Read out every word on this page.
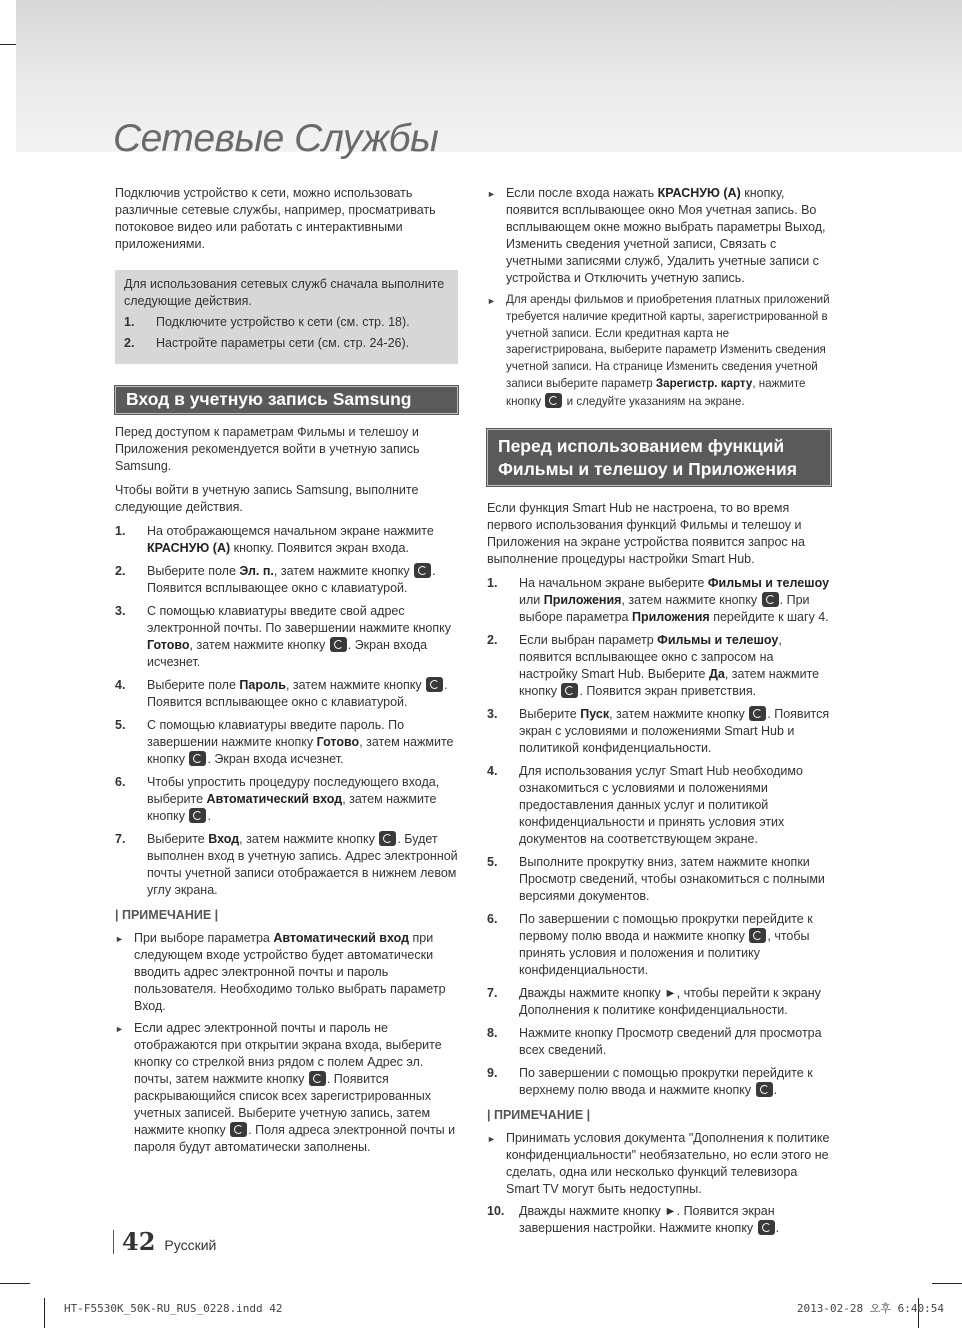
Сетевые Службы

Подключив устройство к сети, можно использовать различные сетевые службы, например, просматривать потоковое видео или работать с интерактивными приложениями.

Для использования сетевых служб сначала выполните следующие действия.
1.	Подключите устройство к сети (см. стр. 18).
2.	Настройте параметры сети (см. стр. 24-26).
Вход в учетную запись Samsung

Перед доступом к параметрам Фильмы и телешоу и Приложения рекомендуется войти в учетную запись Samsung.

Чтобы войти в учетную запись Samsung, выполните следующие действия.

1.	На отображающемся начальном экране нажмите КРАСНУЮ (A) кнопку. Появится экран входа.
2.	Выберите поле Эл. п., затем нажмите кнопку . Появится всплывающее окно с клавиатурой.
3.	С помощью клавиатуры введите свой адрес электронной почты. По завершении нажмите кнопку Готово, затем нажмите кнопку . Экран входа исчезнет.
4.	Выберите поле Пароль, затем нажмите кнопку . Появится всплывающее окно с клавиатурой.
5.	С помощью клавиатуры введите пароль. По завершении нажмите кнопку Готово, затем нажмите кнопку . Экран входа исчезнет.
6.	Чтобы упростить процедуру последующего входа, выберите Автоматический вход, затем нажмите кнопку .
7.	Выберите Вход, затем нажмите кнопку . Будет выполнен вход в учетную запись. Адрес электронной почты учетной записи отображается в нижнем левом углу экрана.
| ПРИМЕЧАНИЕ |
► При выборе параметра Автоматический вход при следующем входе устройство будет автоматически вводить адрес электронной почты и пароль пользователя. Необходимо только выбрать параметр Вход.
► Если адрес электронной почты и пароль не отображаются при открытии экрана входа, выберите кнопку со стрелкой вниз рядом с полем Адрес эл. почты, затем нажмите кнопку . Появится раскрывающийся список всех зарегистрированных учетных записей. Выберите учетную запись, затем нажмите кнопку . Поля адреса электронной почты и пароля будут автоматически заполнены.
► Если после входа нажать КРАСНУЮ (A) кнопку, появится всплывающее окно Моя учетная запись. Во всплывающем окне можно выбрать параметры Выход, Изменить сведения учетной записи, Связать с учетными записями служб, Удалить учетные записи с устройства и Отключить учетную запись.
► Для аренды фильмов и приобретения платных приложений требуется наличие кредитной карты, зарегистрированной в учетной записи. Если кредитная карта не зарегистрирована, выберите параметр Изменить сведения учетной записи. На странице Изменить сведения учетной записи выберите параметр Зарегистр. карту, нажмите кнопку  и следуйте указаниям на экране.
Перед использованием функций Фильмы и телешоу и Приложения

Если функция Smart Hub не настроена, то во время первого использования функций Фильмы и телешоу и Приложения на экране устройства появится запрос на выполнение процедуры настройки Smart Hub.

1.	На начальном экране выберите Фильмы и телешоу или Приложения, затем нажмите кнопку . При выборе параметра Приложения перейдите к шагу 4.
2.	Если выбран параметр Фильмы и телешоу, появится всплывающее окно с запросом на настройку Smart Hub. Выберите Да, затем нажмите кнопку . Появится экран приветствия.
3.	Выберите Пуск, затем нажмите кнопку . Появится экран с условиями и положениями Smart Hub и политикой конфиденциальности.
4.	Для использования услуг Smart Hub необходимо ознакомиться с условиями и положениями предоставления данных услуг и политикой конфиденциальности и принять условия этих документов на соответствующем экране.
5.	Выполните прокрутку вниз, затем нажмите кнопки Просмотр сведений, чтобы ознакомиться с полными версиями документов.
6.	По завершении с помощью прокрутки перейдите к первому полю ввода и нажмите кнопку , чтобы принять условия и положения и политику конфиденциальности.
7.	Дважды нажмите кнопку ►, чтобы перейти к экрану Дополнения к политике конфиденциальности.
8.	Нажмите кнопку Просмотр сведений для просмотра всех сведений.
9.	По завершении с помощью прокрутки перейдите к верхнему полю ввода и нажмите кнопку .
| ПРИМЕЧАНИЕ |
► Принимать условия документа "Дополнения к политике конфиденциальности" необязательно, но если этого не сделать, одна или несколько функций телевизора Smart TV могут быть недоступны.
10.	Дважды нажмите кнопку ►. Появится экран завершения настройки. Нажмите кнопку .
42 Русский
HT-F5530K_50K-RU_RUS_0228.indd 42	2013-02-28 오후 6:40:54
